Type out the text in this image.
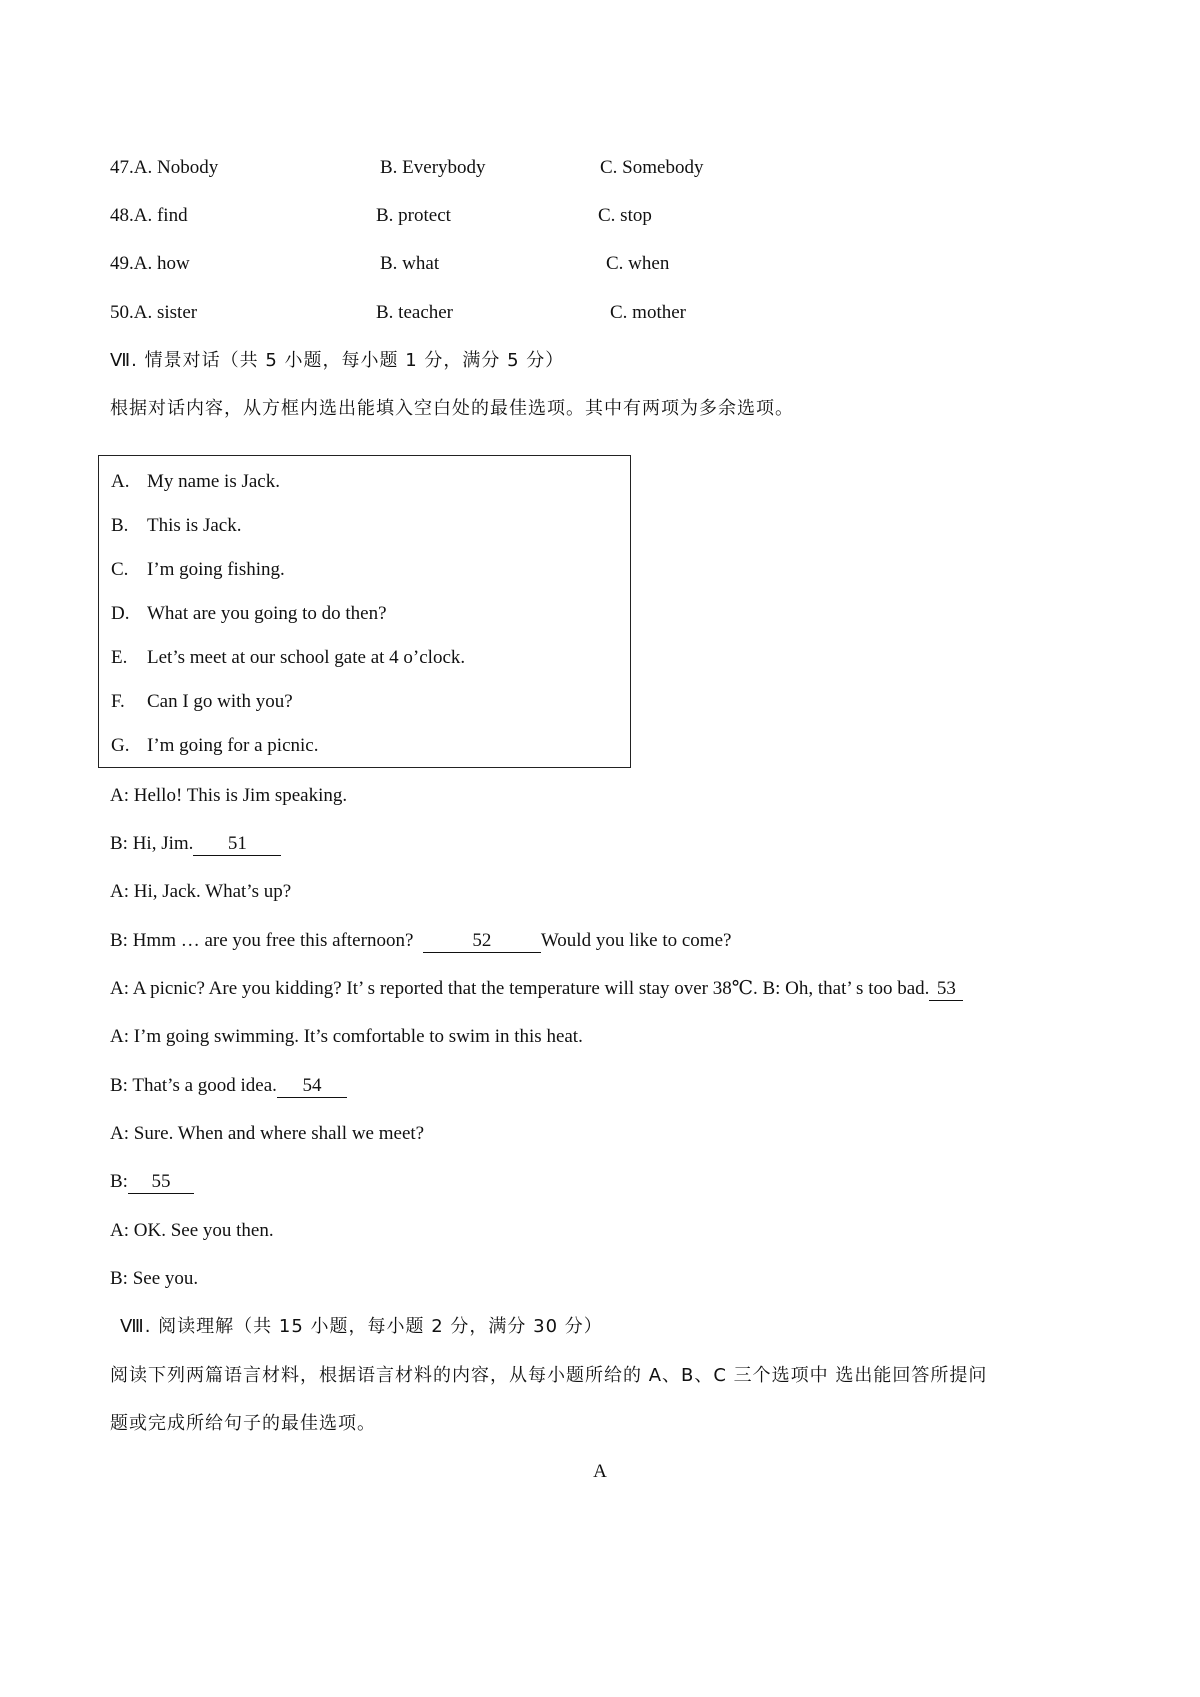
47.A. Nobody	B. Everybody	C. Somebody
48.A. find	B. protect	C. stop
49.A. how	B. what	C. when
50.A. sister	B. teacher	C. mother
Ⅶ. 情景对话（共 5 小题，每小题 1 分，满分 5 分）
根据对话内容，从方框内选出能填入空白处的最佳选项。其中有两项为多余选项。
A. My name is Jack.
B. This is Jack.
C. I’m going fishing.
D. What are you going to do then?
E. Let’s meet at our school gate at 4 o’clock.
F. Can I go with you?
G. I’m going for a picnic.
A: Hello! This is Jim speaking.
B: Hi, Jim. 51
A: Hi, Jack. What’s up?
B: Hmm … are you free this afternoon?	52	Would you like to come?
A: A picnic? Are you kidding? It’ s reported that the temperature will stay over 38℃. B: Oh, that’ s too bad. 53
A: I’m going swimming. It’s comfortable to swim in this heat.
B: That’s a good idea. 54
A: Sure. When and where shall we meet?
B: 55
A: OK. See you then.
B: See you.
Ⅷ. 阅读理解（共 15 小题，每小题 2 分，满分 30 分）
阅读下列两篇语言材料，根据语言材料的内容，从每小题所给的 A、B、C 三个选项中 选出能回答所提问
题或完成所给句子的最佳选项。
A
